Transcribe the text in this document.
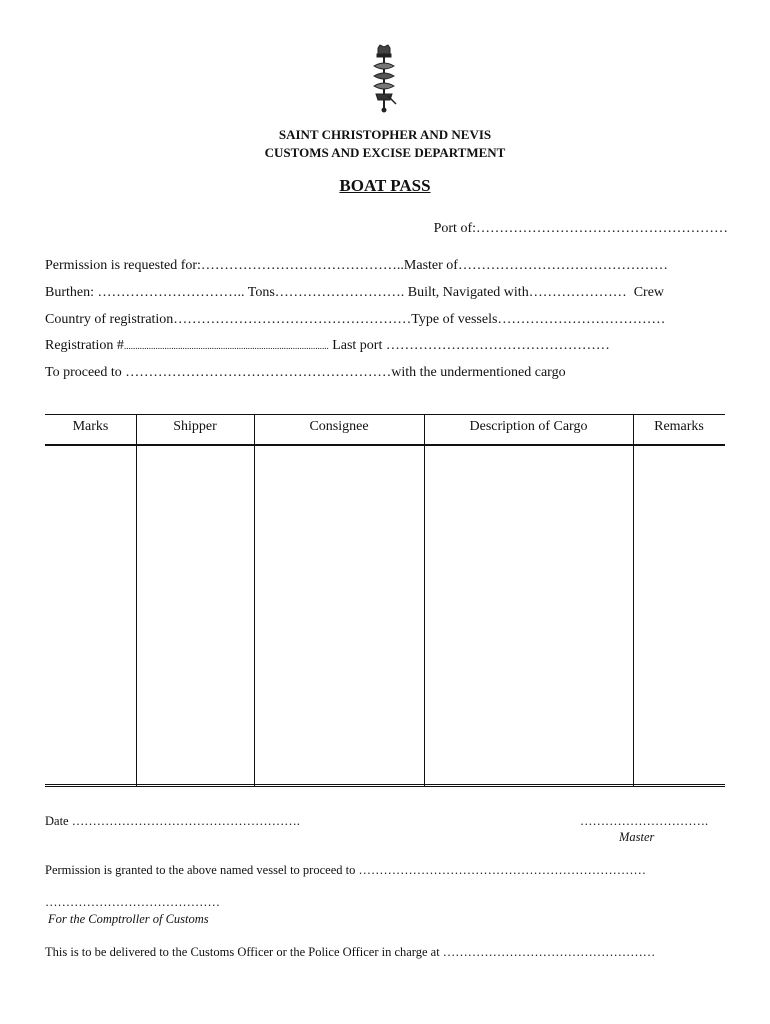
SAINT CHRISTOPHER AND NEVIS
CUSTOMS AND EXCISE DEPARTMENT
BOAT PASS
Port of:………………………………………………
Permission is requested for:……………………………………..Master of………………………………………
Burthen: ………………………….. Tons………………………. Built, Navigated with…………………  Crew
Country of registration……………………………………………Type of vessels………………………………
Registration #........................................................................................... Last port …………………………………………
To proceed to …………………………………………………with the undermentioned cargo
Marks	Shipper	Consignee	Description of Cargo	Remarks
Date ……………………………………………….	………………………….
Master
Permission is granted to the above named vessel to proceed to ……………………………………………………………
……………………………………
For the Comptroller of Customs
This is to be delivered to the Customs Officer or the Police Officer in charge at ……………………………………………
